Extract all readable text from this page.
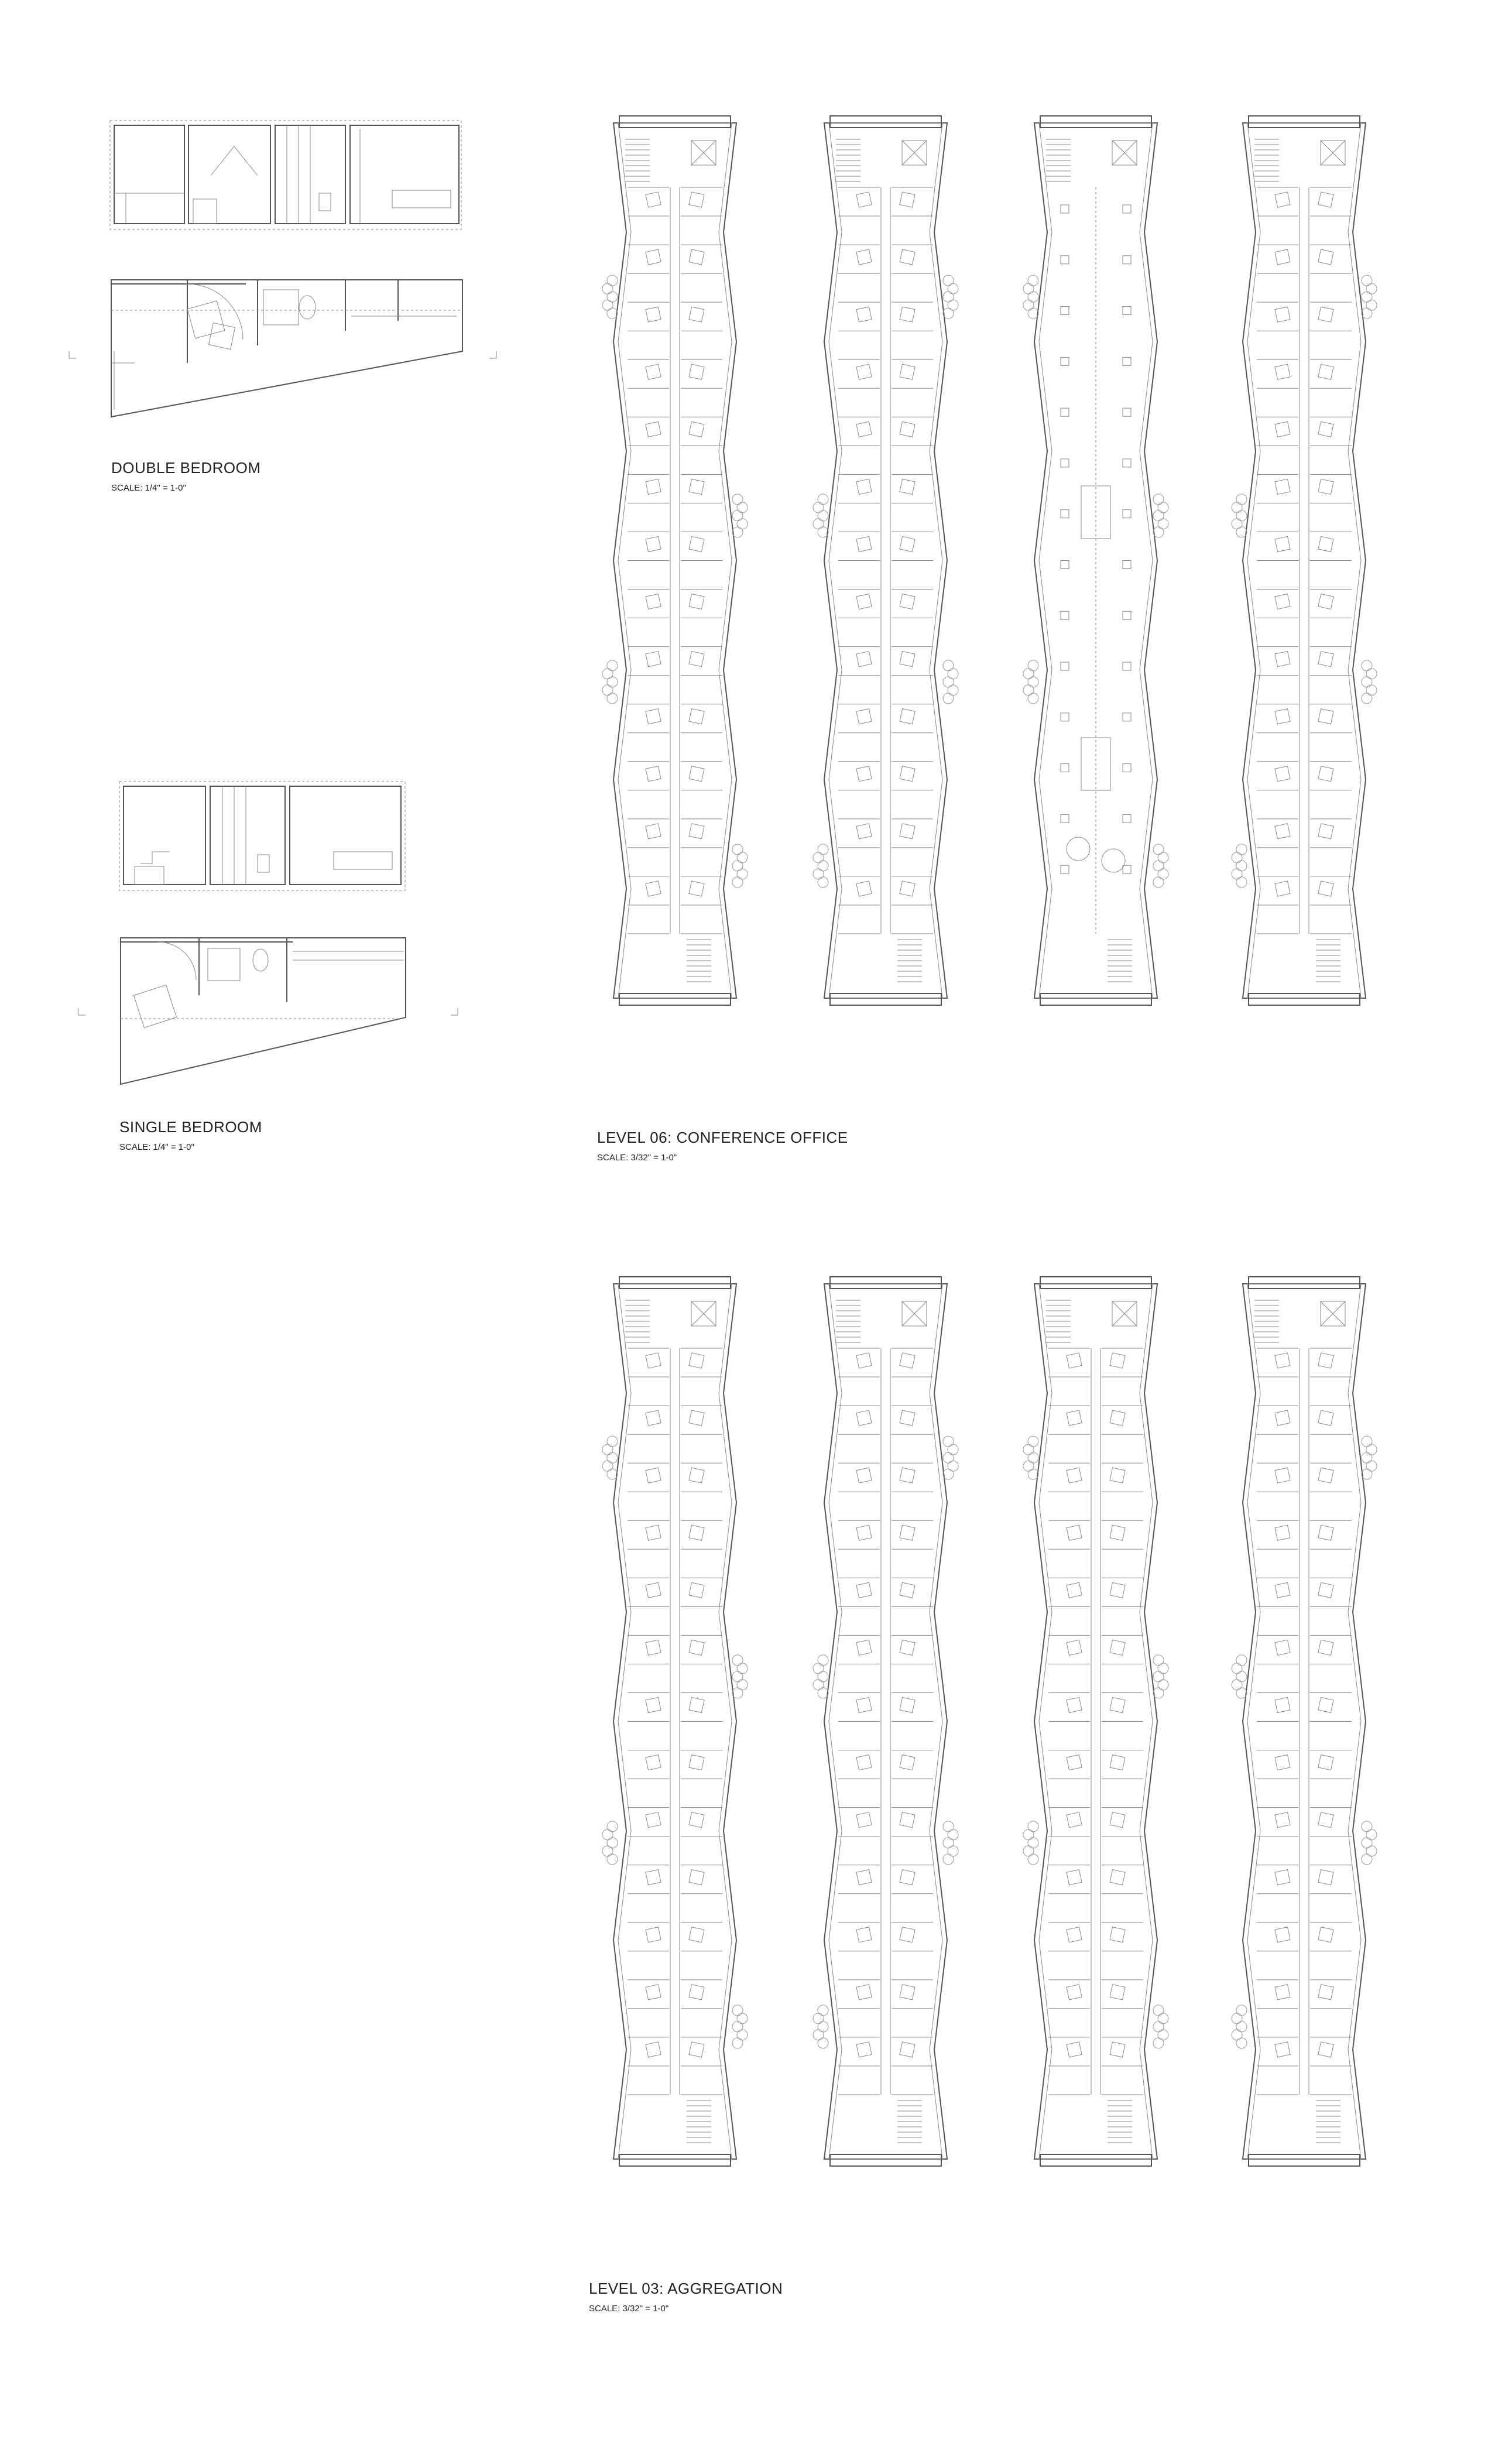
DOUBLE BEDROOM
SCALE: 1/4" = 1-0"
SINGLE BEDROOM
SCALE: 1/4" = 1-0"
LEVEL 06: CONFERENCE OFFICE
SCALE: 3/32" = 1-0"
LEVEL 03: AGGREGATION
SCALE: 3/32" = 1-0"
